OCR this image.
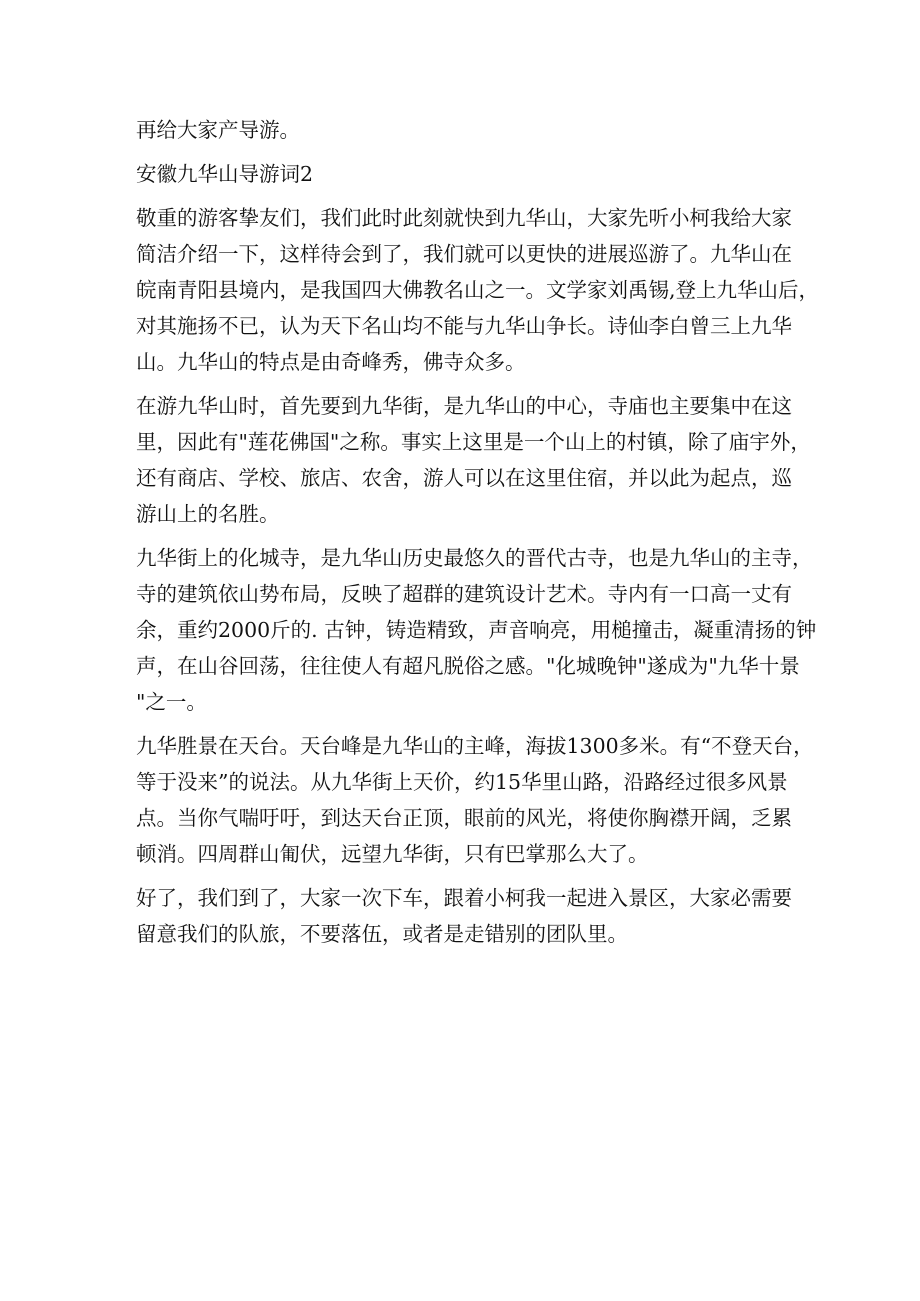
再给大家产导游。

安徽九华山导游词2

敬重的游客挚友们，我们此时此刻就快到九华山，大家先听小柯我给大家
简洁介绍一下，这样待会到了，我们就可以更快的进展巡游了。九华山在
皖南青阳县境内，是我国四大佛教名山之一。文学家刘禹锡,登上九华山后，
对其施扬不已，认为天下名山均不能与九华山争长。诗仙李白曾三上九华
山。九华山的特点是由奇峰秀，佛寺众多。

在游九华山时，首先要到九华街，是九华山的中心，寺庙也主要集中在这
里，因此有"莲花佛国"之称。事实上这里是一个山上的村镇，除了庙宇外，
还有商店、学校、旅店、农舍，游人可以在这里住宿，并以此为起点，巡
游山上的名胜。

九华街上的化城寺，是九华山历史最悠久的晋代古寺，也是九华山的主寺，
寺的建筑依山势布局，反映了超群的建筑设计艺术。寺内有一口高一丈有
余，重约2000斤的. 古钟，铸造精致，声音响亮，用槌撞击，凝重清扬的钟
声，在山谷回荡，往往使人有超凡脱俗之感。"化城晚钟"遂成为"九华十景
"之一。

九华胜景在天台。天台峰是九华山的主峰，海拔1300多米。有“不登天台，
等于没来”的说法。从九华街上天价，约15华里山路，沿路经过很多风景
点。当你气喘吁吁，到达天台正顶，眼前的风光，将使你胸襟开阔，乏累
顿消。四周群山匍伏，远望九华街，只有巴掌那么大了。

好了，我们到了，大家一次下车，跟着小柯我一起进入景区，大家必需要
留意我们的队旅，不要落伍，或者是走错别的团队里。
